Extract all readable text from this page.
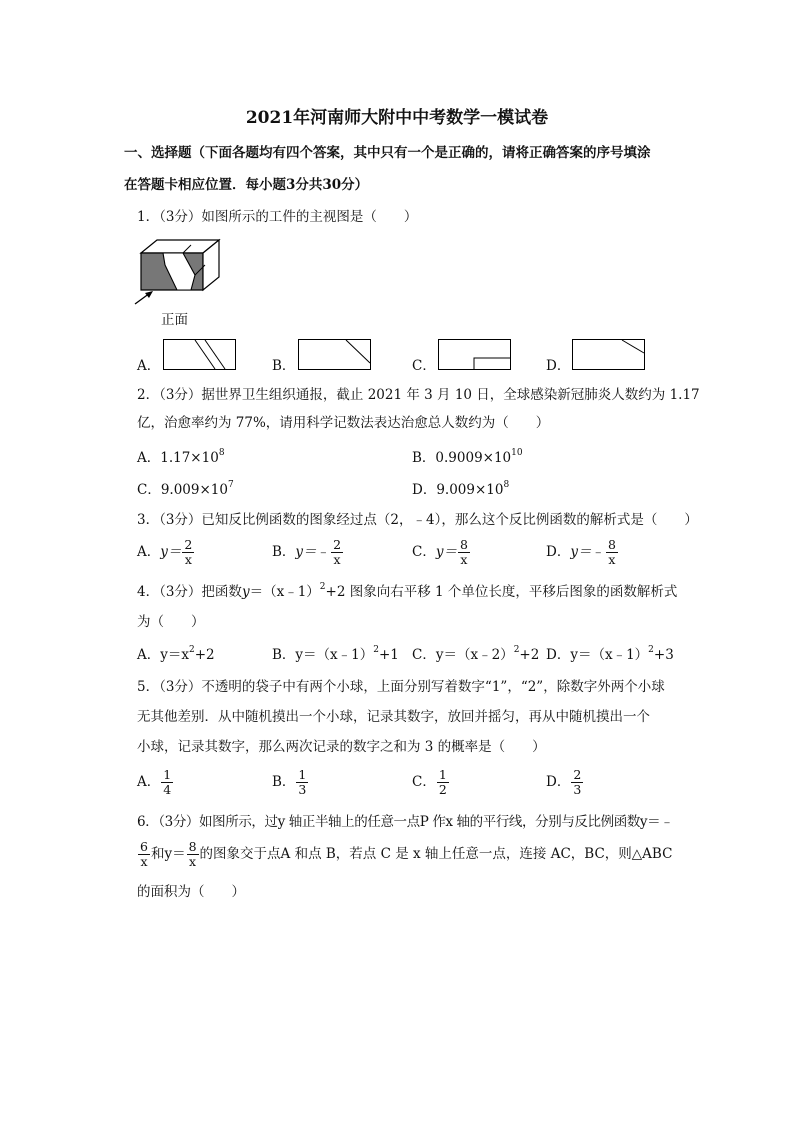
2021年河南师大附中中考数学一模试卷
一、选择题（下面各题均有四个答案，其中只有一个是正确的，请将正确答案的序号填涂
在答题卡相应位置．每小题3分共30分）
1．（3分）如图所示的工件的主视图是（　　）
正面
A．	B．	C．	D．
2．（3分）据世界卫生组织通报，截止 2021 年 3 月 10 日，全球感染新冠肺炎人数约为 1.17
亿，治愈率约为 77%，请用科学记数法表达治愈总人数约为（　　）
A．$1.17\times 10^8$	B．$0.9009\times 10^{10}$
C．$9.009\times 10^7$	D．$9.009\times 10^8$
3．（3分）已知反比例函数的图象经过点（2，﹣4），那么这个反比例函数的解析式是（　　）
A．$y= \frac{2}{x}$	B．y＝﹣ $\frac{2}{x}$	C．$y= \frac{8}{x}$	D．y＝﹣ $\frac{8}{x}$
4．（3分）把函数y＝（x﹣1）$^2$+2 图象向右平移 1 个单位长度，平移后图象的函数解析式
为（　　）
A．$y=x^2+2$	B．y＝（x﹣1）$^2$+1 C．y＝（x﹣2）$^2$+2 D．y＝（x﹣1）$^2$+3
5．（3分）不透明的袋子中有两个小球，上面分别写着数字“1”，“2”，除数字外两个小球
无其他差别．从中随机摸出一个小球，记录其数字，放回并摇匀，再从中随机摸出一个
小球，记录其数字，那么两次记录的数字之和为 3 的概率是（　　）
A． $\frac{1}{4}$	B． $\frac{1}{3}$	C． $\frac{1}{2}$	D． $\frac{2}{3}$
6．（3分）如图所示，过y 轴正半轴上的任意一点P 作x 轴的平行线，分别与反比例函数y＝﹣
$\frac{6}{x}$ 和$y= \frac{8}{x}$ 的图象交于点A 和点 B，若点 C 是 x 轴上任意一点，连接 AC，BC，则△ABC
的面积为（　　）
